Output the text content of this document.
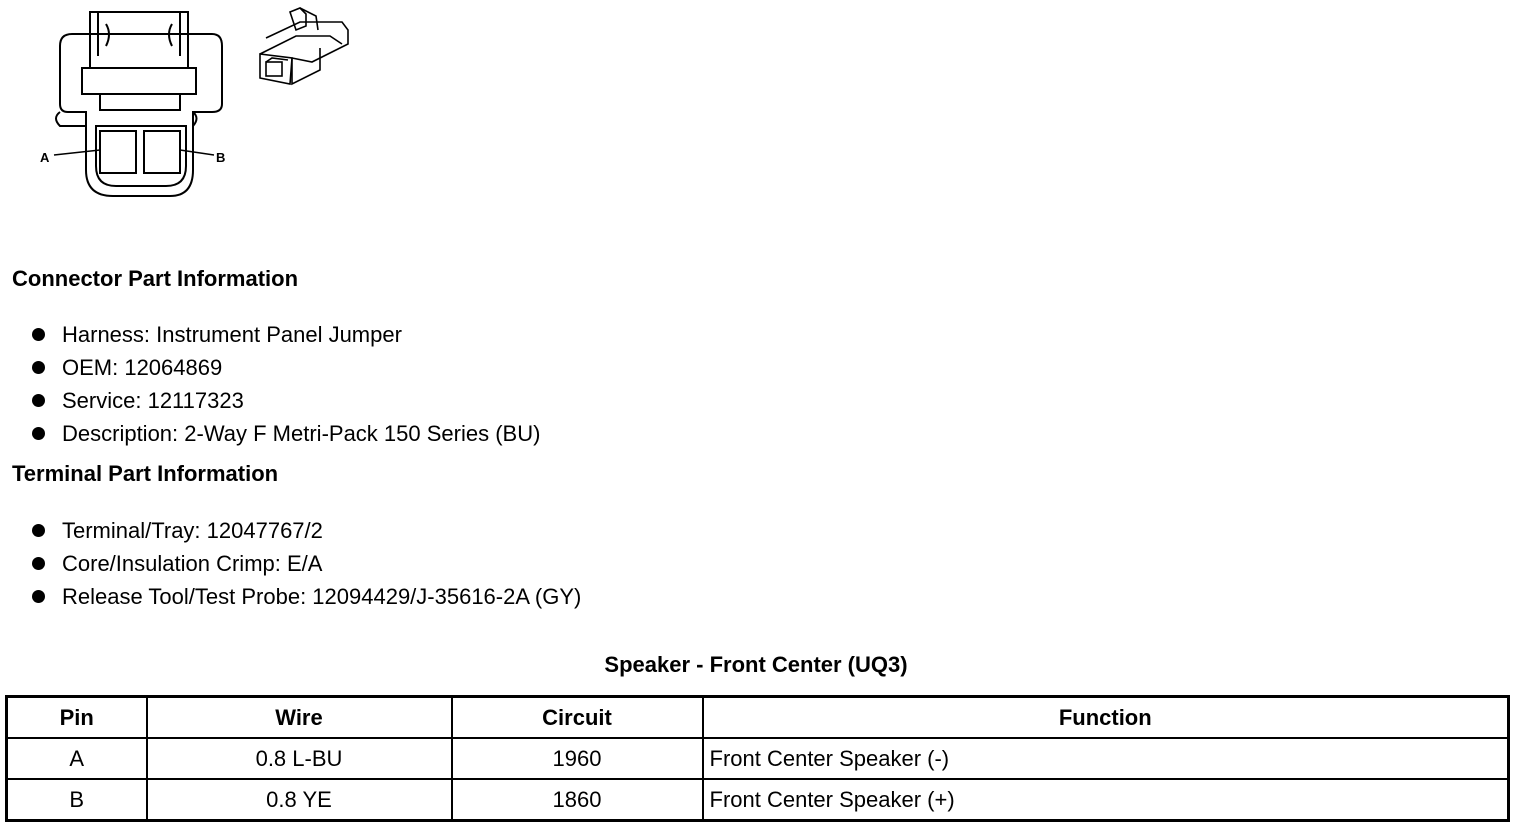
A	B
Connector Part Information
Harness: Instrument Panel Jumper
OEM: 12064869
Service: 12117323
Description: 2-Way F Metri-Pack 150 Series (BU)
Terminal Part Information
Terminal/Tray: 12047767/2
Core/Insulation Crimp: E/A
Release Tool/Test Probe: 12094429/J-35616-2A (GY)
Speaker - Front Center (UQ3)
Pin	Wire	Circuit	Function
A	0.8 L-BU	1960	Front Center Speaker (-)
B	0.8 YE	1860	Front Center Speaker (+)
